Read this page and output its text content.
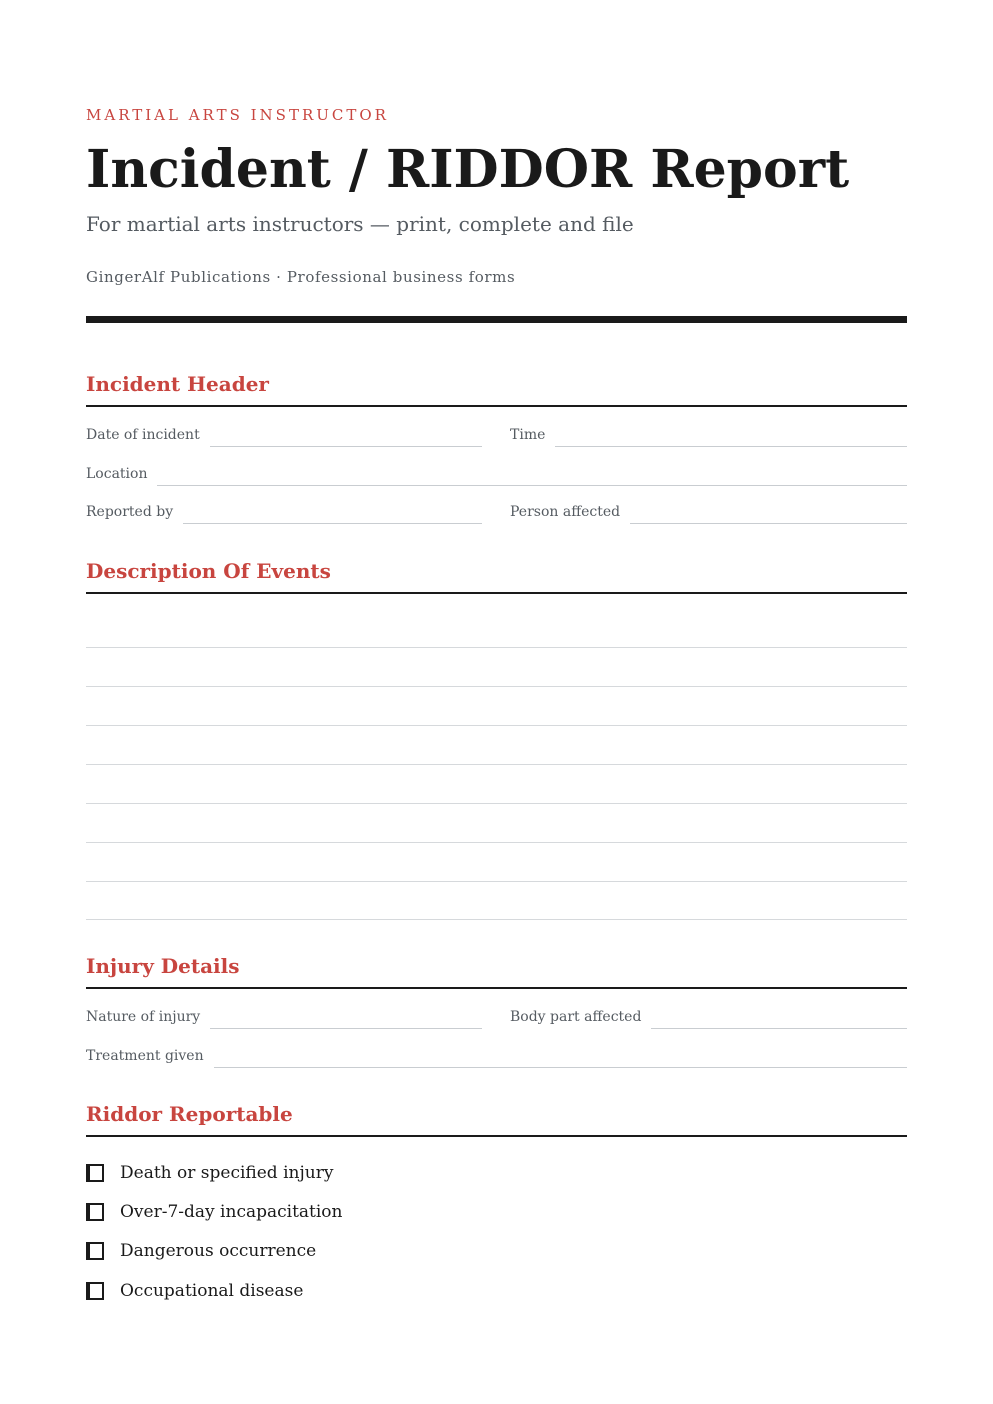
MARTIAL ARTS INSTRUCTOR
Incident / RIDDOR Report
For martial arts instructors — print, complete and file
GingerAlf Publications · Professional business forms
Incident Header
Date of incident	Time
Location
Reported by	Person affected
Description Of Events
Injury Details
Nature of injury	Body part affected
Treatment given
Riddor Reportable
Death or specified injury
Over-7-day incapacitation
Dangerous occurrence
Occupational disease
